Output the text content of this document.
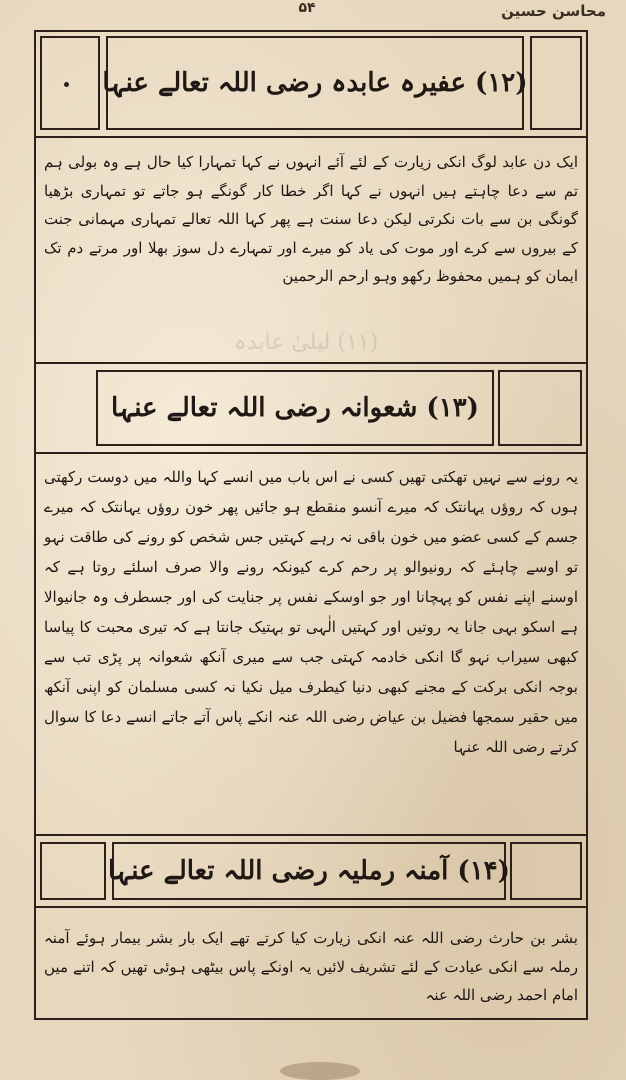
محاسن حسین
۵۴
(۱۲) عفیرہ عابدہ رضی اللہ تعالے عنہا

ایک دن عابد لوگ انکی زیارت کے لئے آئے انہوں نے کہا تمہارا کیا حال ہے وہ بولی ہم تم سے دعا چاہتے ہیں انہوں نے کہا اگر خطا کار گونگے ہو جاتے تو تمہاری بڑھیا گونگی بن سے بات نکرتی لیکن دعا سنت ہے پھر کہا اللہ تعالے تمہاری مہمانی جنت کے بیروں سے کرے اور موت کی یاد کو میرے اور تمہارے دل سوز بھلا اور مرتے دم تک ایمان کو ہمیں محفوظ رکھو وہو ارحم الرحمین

(۱۱) لیلیٰ عابدہ
(۱۳) شعوانہ رضی اللہ تعالے عنہا

یہ رونے سے نہیں تھکتی تھیں کسی نے اس باب میں انسے کہا واللہ میں دوست رکھتی ہوں کہ روؤں یہانتک کہ میرے آنسو منقطع ہو جائیں پھر خون روؤں یہانتک کہ میرے جسم کے کسی عضو میں خون باقی نہ رہے کہتیں جس شخص کو رونے کی طاقت نہو تو اوسے چاہئے کہ رونیوالو پر رحم کرے کیونکہ رونے والا صرف اسلئے روتا ہے کہ اوسنے اپنے نفس کو پہچانا اور جو اوسکے نفس پر جنایت کی اور جسطرف وہ جانیوالا ہے اسکو بہی جانا یہ روتیں اور کہتیں الٰہی تو بہتیک جانتا ہے کہ تیری محبت کا پیاسا کبھی سیراب نہو گا انکی خادمہ کہتی جب سے میری آنکھ شعوانہ پر پڑی تب سے بوجہ انکی برکت کے مجنے کبھی دنیا کیطرف میل نکیا نہ کسی مسلمان کو اپنی آنکھ میں حقیر سمجھا فضیل بن عیاض رضی اللہ عنہ انکے پاس آتے جاتے انسے دعا کا سوال کرتے رضی اللہ عنہا

(۱۴) آمنہ رملیہ رضی اللہ تعالے عنہا

بشر بن حارث رضی اللہ عنہ انکی زیارت کیا کرتے تھے ایک بار بشر بیمار ہوئے آمنہ رملہ سے انکی عیادت کے لئے تشریف لائیں یہ اونکے پاس بیٹھی ہوئی تھیں کہ اتنے میں امام احمد رضی اللہ عنہ
